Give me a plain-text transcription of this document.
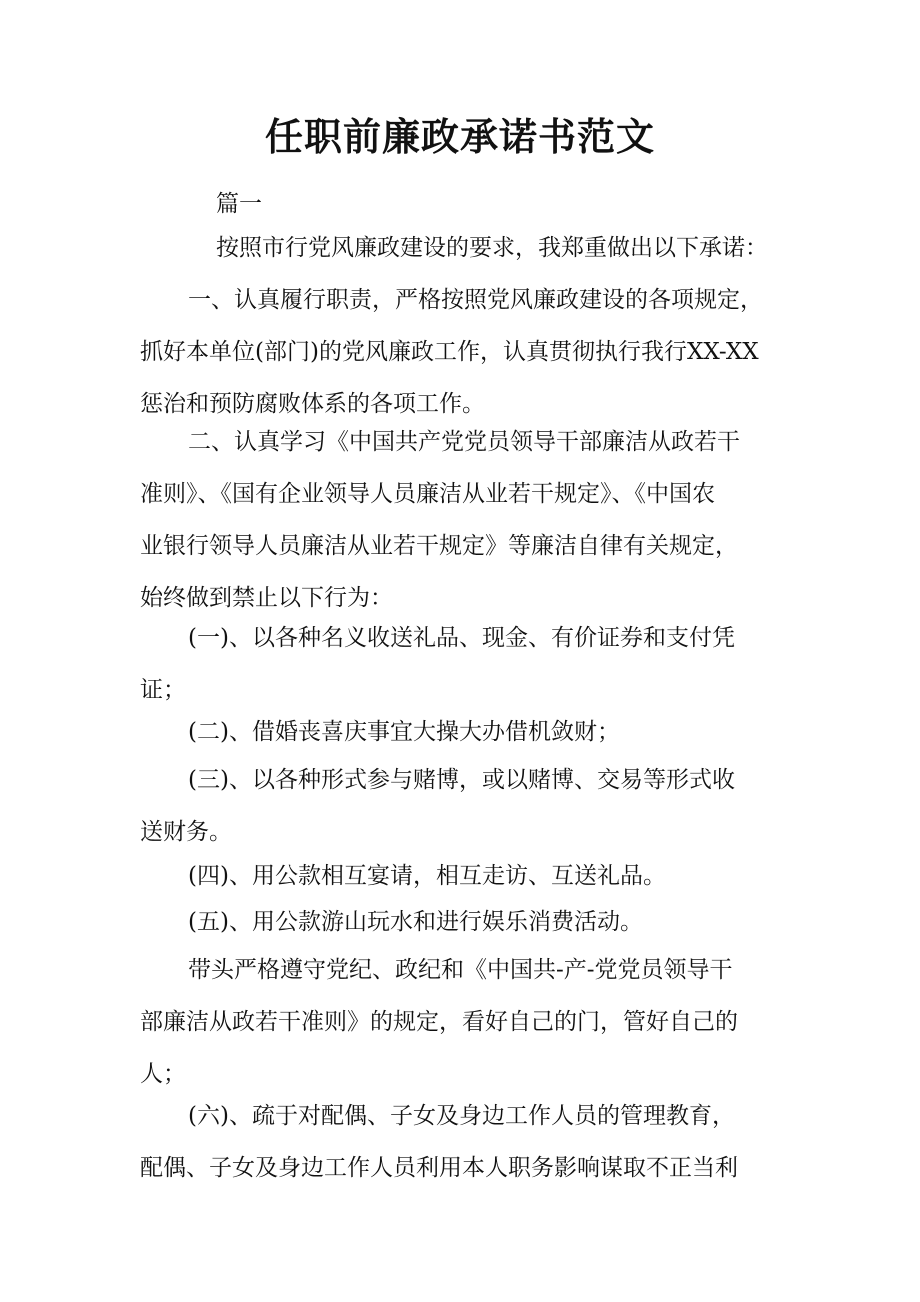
任职前廉政承诺书范文

篇一

按照市行党风廉政建设的要求，我郑重做出以下承诺：

一、认真履行职责，严格按照党风廉政建设的各项规定，
抓好本单位(部门)的党风廉政工作，认真贯彻执行我行XX-XX
惩治和预防腐败体系的各项工作。

二、认真学习《中国共产党党员领导干部廉洁从政若干
准则》、《国有企业领导人员廉洁从业若干规定》、《中国农
业银行领导人员廉洁从业若干规定》等廉洁自律有关规定，
始终做到禁止以下行为：

(一)、以各种名义收送礼品、现金、有价证券和支付凭
证；

(二)、借婚丧喜庆事宜大操大办借机敛财；

(三)、以各种形式参与赌博，或以赌博、交易等形式收
送财务。

(四)、用公款相互宴请，相互走访、互送礼品。

(五)、用公款游山玩水和进行娱乐消费活动。

带头严格遵守党纪、政纪和《中国共-产-党党员领导干
部廉洁从政若干准则》的规定，看好自己的门，管好自己的
人；

(六)、疏于对配偶、子女及身边工作人员的管理教育，
配偶、子女及身边工作人员利用本人职务影响谋取不正当利
